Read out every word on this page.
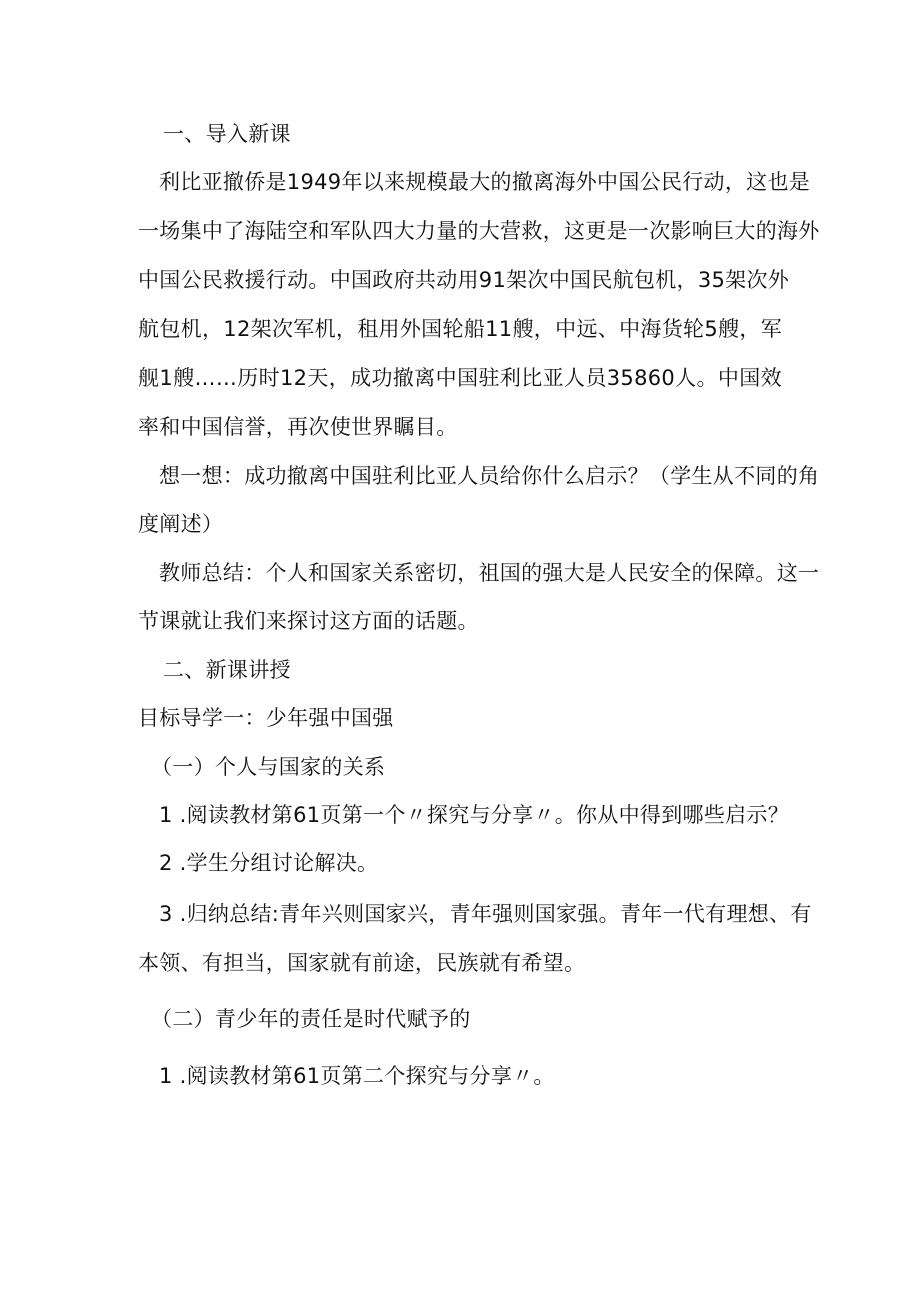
一、导入新课
利比亚撤侨是1949年以来规模最大的撤离海外中国公民行动，这也是
一场集中了海陆空和军队四大力量的大营救，这更是一次影响巨大的海外
中国公民救援行动。中国政府共动用91架次中国民航包机，35架次外
航包机，12架次军机，租用外国轮船11艘，中远、中海货轮5艘，军
舰1艘……历时12天，成功撤离中国驻利比亚人员35860人。中国效
率和中国信誉，再次使世界瞩目。
想一想：成功撤离中国驻利比亚人员给你什么启示？（学生从不同的角
度阐述）
教师总结：个人和国家关系密切，祖国的强大是人民安全的保障。这一
节课就让我们来探讨这方面的话题。
二、新课讲授
目标导学一：少年强中国强
（一）个人与国家的关系
1 .阅读教材第61页第一个〃探究与分享〃。你从中得到哪些启示？
2 .学生分组讨论解决。
3 .归纳总结:青年兴则国家兴，青年强则国家强。青年一代有理想、有
本领、有担当，国家就有前途，民族就有希望。
（二）青少年的责任是时代赋予的
1 .阅读教材第61页第二个探究与分享〃。
